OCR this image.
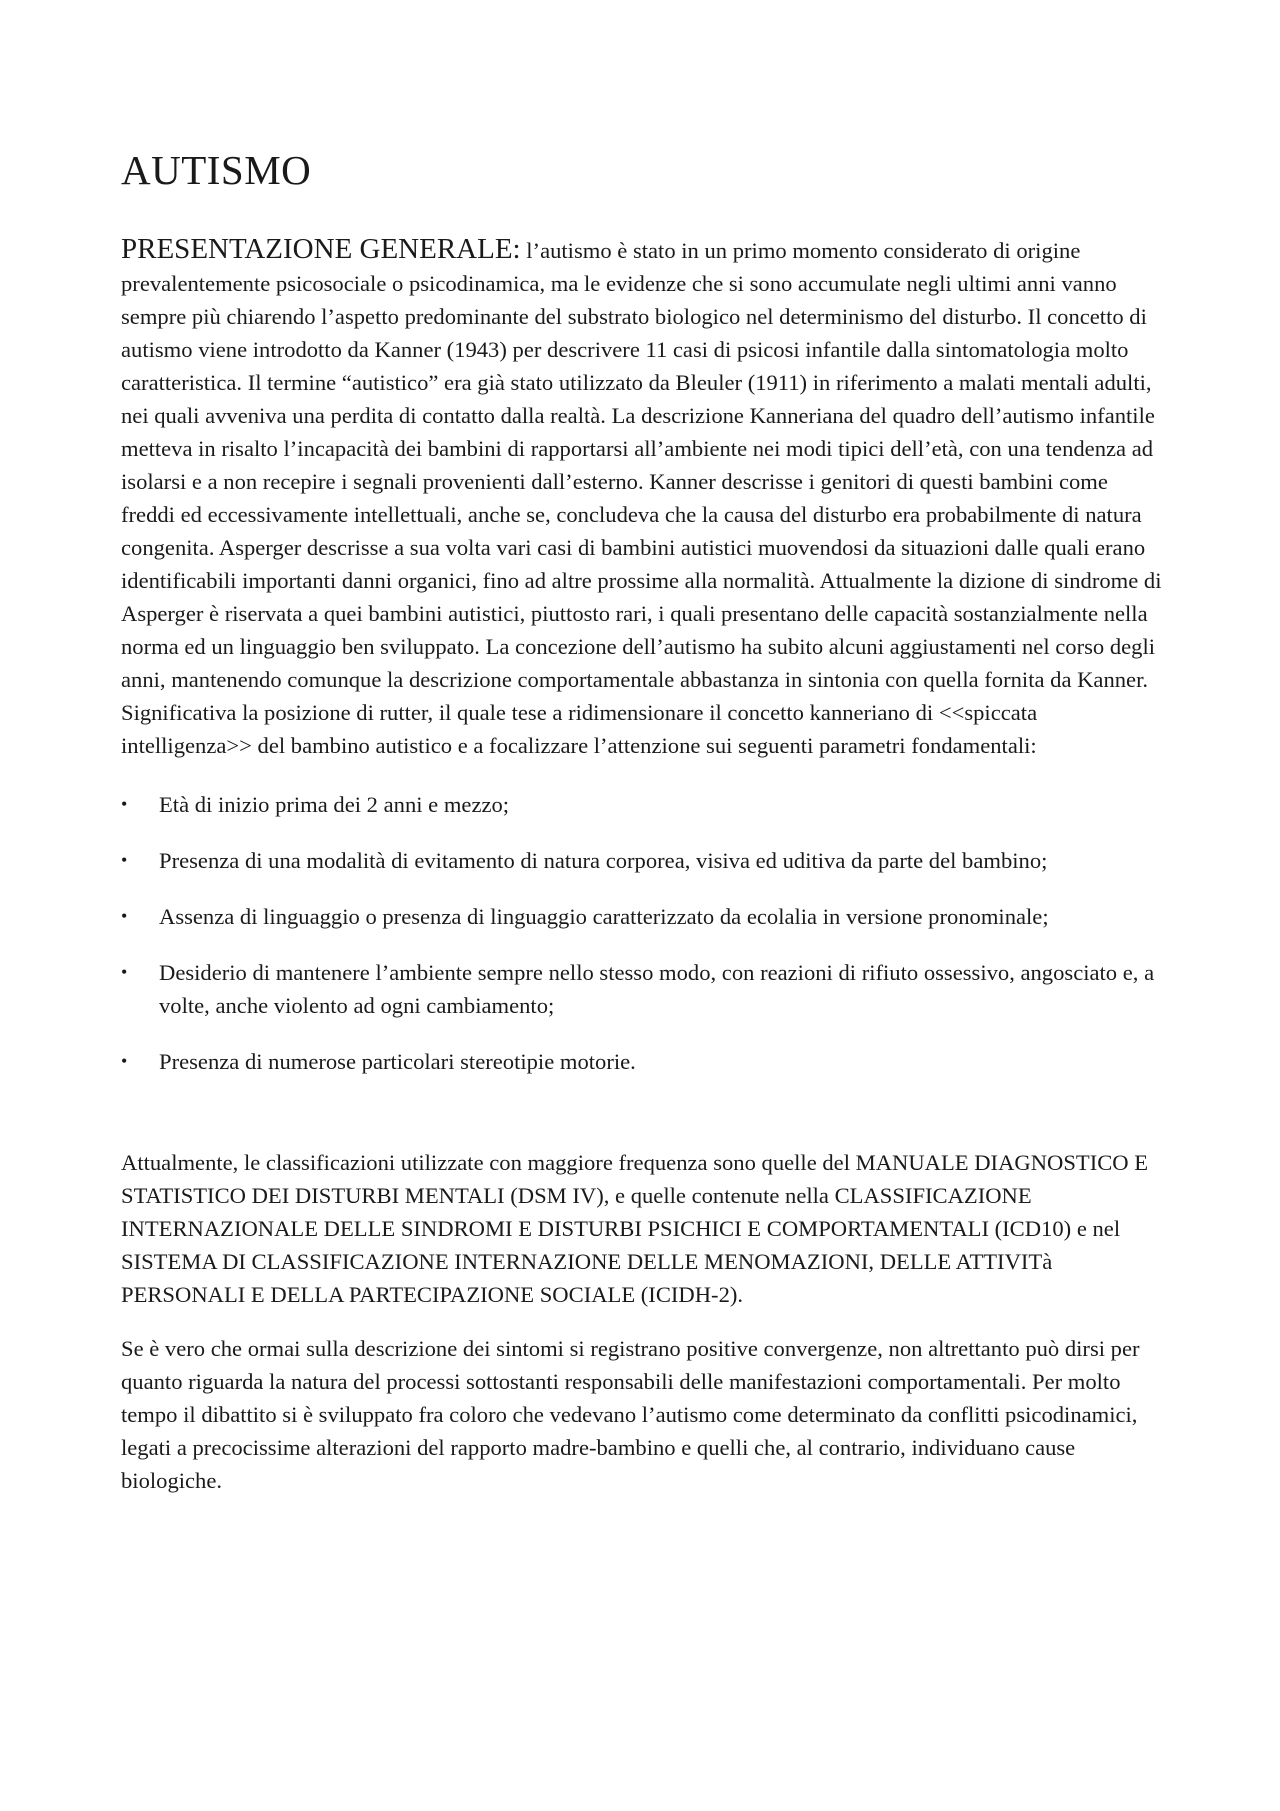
AUTISMO

PRESENTAZIONE GENERALE: l’autismo è stato in un primo momento considerato di origine prevalentemente psicosociale o psicodinamica, ma le evidenze che si sono accumulate negli ultimi anni vanno sempre più chiarendo l’aspetto predominante del substrato biologico nel determinismo del disturbo. Il concetto di autismo viene introdotto da Kanner (1943) per descrivere 11 casi di psicosi infantile dalla sintomatologia molto caratteristica. Il termine “autistico” era già stato utilizzato da Bleuler (1911) in riferimento a malati mentali adulti, nei quali avveniva una perdita di contatto dalla realtà. La descrizione Kanneriana del quadro dell’autismo infantile metteva in risalto l’incapacità dei bambini di rapportarsi all’ambiente nei modi tipici dell’età, con una tendenza ad isolarsi e a non recepire i segnali provenienti dall’esterno. Kanner descrisse i genitori di questi bambini come freddi ed eccessivamente intellettuali, anche se, concludeva che la causa del disturbo era probabilmente di natura congenita. Asperger descrisse a sua volta vari casi di bambini autistici muovendosi da situazioni dalle quali erano identificabili importanti danni organici, fino ad altre prossime alla normalità. Attualmente la dizione di sindrome di Asperger è riservata a quei bambini autistici, piuttosto rari, i quali presentano delle capacità sostanzialmente nella norma ed un linguaggio ben sviluppato. La concezione dell’autismo ha subito alcuni aggiustamenti nel corso degli anni, mantenendo comunque la descrizione comportamentale abbastanza in sintonia con quella fornita da Kanner. Significativa la posizione di rutter, il quale tese a ridimensionare il concetto kanneriano di <<spiccata intelligenza>> del bambino autistico e a focalizzare l’attenzione sui seguenti parametri fondamentali:

• Età di inizio prima dei 2 anni e mezzo;
• Presenza di una modalità di evitamento di natura corporea, visiva ed uditiva da parte del bambino;
• Assenza di linguaggio o presenza di linguaggio caratterizzato da ecolalia in versione pronominale;
• Desiderio di mantenere l’ambiente sempre nello stesso modo, con reazioni di rifiuto ossessivo, angosciato e, a volte, anche violento ad ogni cambiamento;
• Presenza di numerose particolari stereotipie motorie.

Attualmente, le classificazioni utilizzate con maggiore frequenza sono quelle del MANUALE DIAGNOSTICO E STATISTICO DEI DISTURBI MENTALI (DSM IV), e quelle contenute nella CLASSIFICAZIONE INTERNAZIONALE DELLE SINDROMI E DISTURBI PSICHICI E COMPORTAMENTALI (ICD10) e nel SISTEMA DI CLASSIFICAZIONE INTERNAZIONE DELLE MENOMAZIONI, DELLE ATTIVITà PERSONALI E DELLA PARTECIPAZIONE SOCIALE (ICIDH-2).

Se è vero che ormai sulla descrizione dei sintomi si registrano positive convergenze, non altrettanto può dirsi per quanto riguarda la natura del processi sottostanti responsabili delle manifestazioni comportamentali. Per molto tempo il dibattito si è sviluppato fra coloro che vedevano l’autismo come determinato da conflitti psicodinamici, legati a precocissime alterazioni del rapporto madre-bambino e quelli che, al contrario, individuano cause biologiche.
